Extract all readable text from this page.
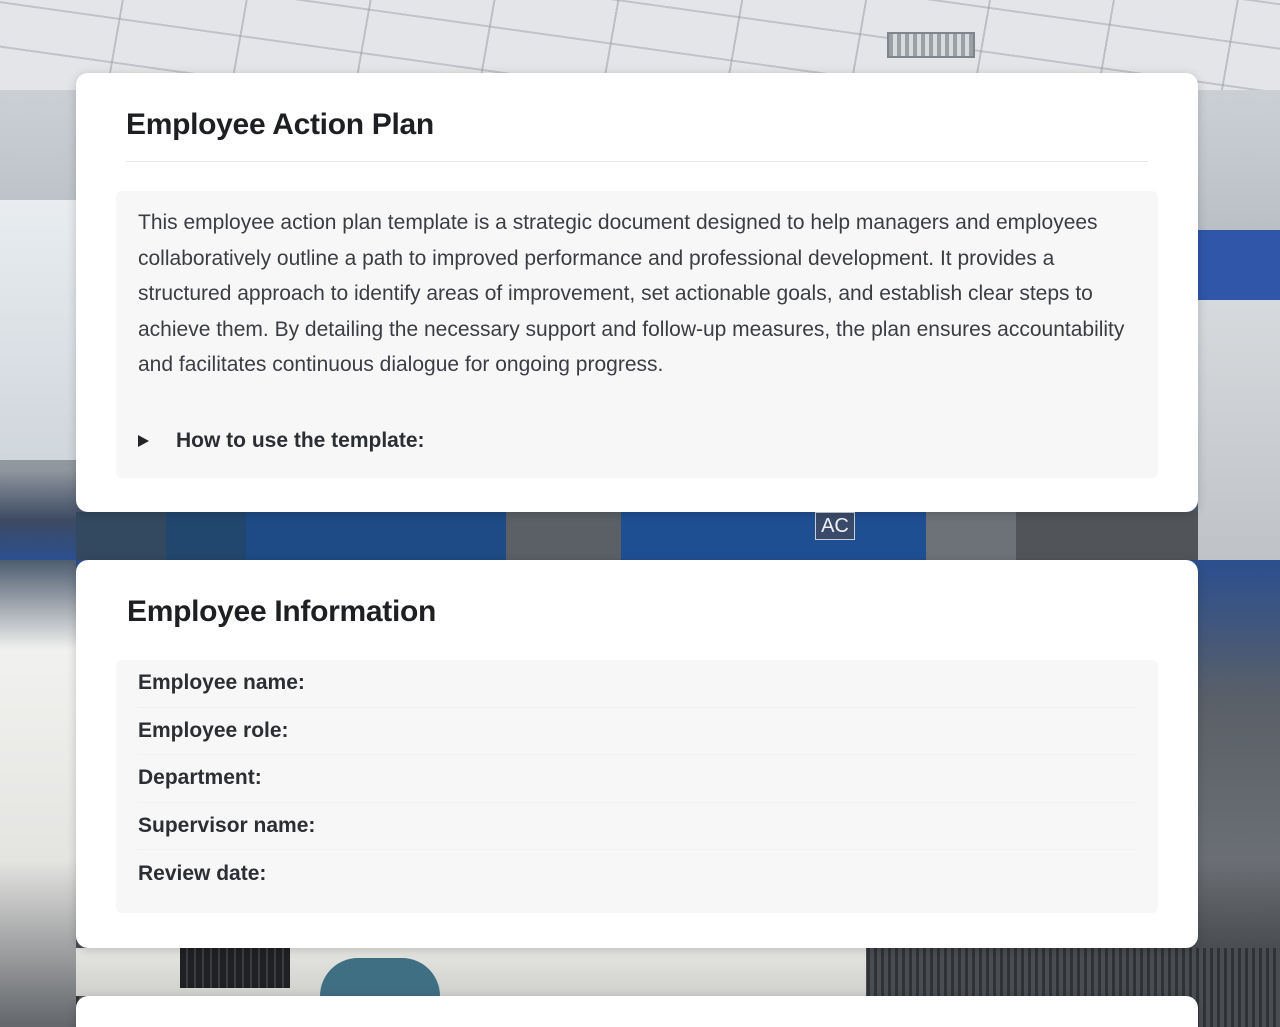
AC
Employee Action Plan

This employee action plan template is a strategic document designed to help managers and employees collaboratively outline a path to improved performance and professional development. It provides a structured approach to identify areas of improvement, set actionable goals, and establish clear steps to achieve them. By detailing the necessary support and follow-up measures, the plan ensures accountability and facilitates continuous dialogue for ongoing progress.

How to use the template:
Employee Information
Employee name:
Employee role:
Department:
Supervisor name:
Review date:
